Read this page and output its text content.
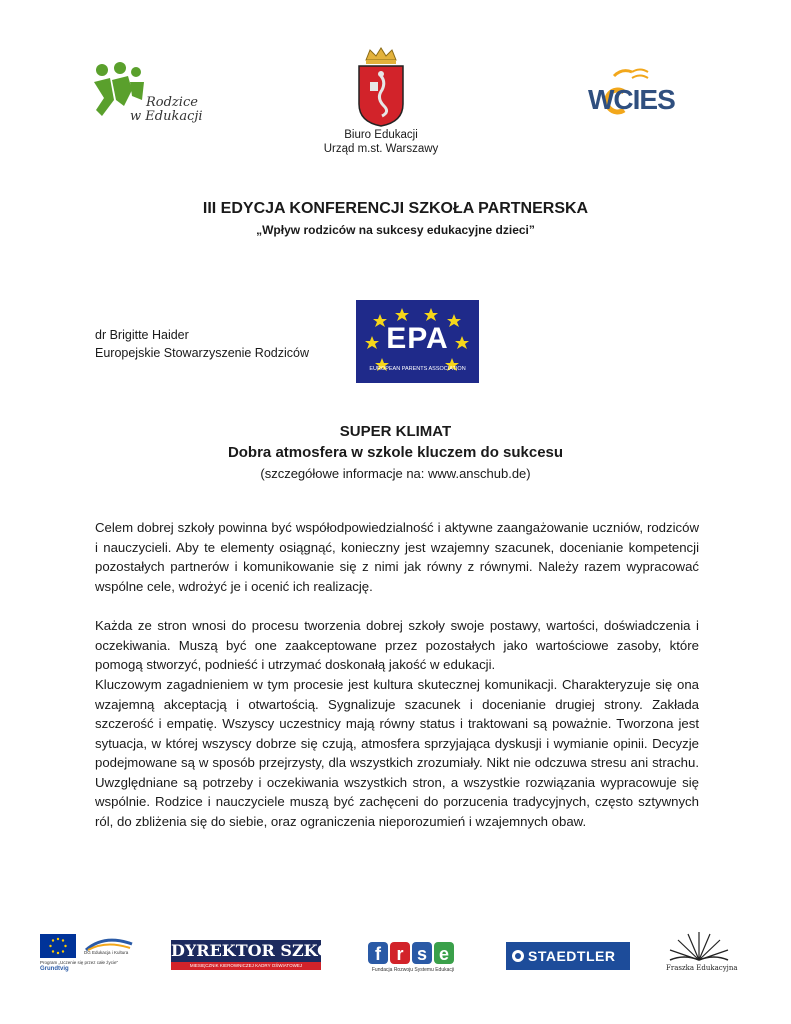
Rodzice
w Edukacji
Biuro Edukacji
Urząd m.st. Warszawy
WCIES
III EDYCJA KONFERENCJI SZKOŁA PARTNERSKA
„Wpływ rodziców na sukcesy edukacyjne dzieci”
dr Brigitte Haider
Europejskie Stowarzyszenie Rodziców	EPA
EUROPEAN PARENTS ASSOCIATION
SUPER KLIMAT
Dobra atmosfera w szkole kluczem do sukcesu
(szczegółowe informacje na: www.anschub.de)
Celem dobrej szkoły powinna być współodpowiedzialność i aktywne zaangażowanie uczniów, rodziców i nauczycieli. Aby te elementy osiągnąć, konieczny jest wzajemny szacunek, docenianie kompetencji pozostałych partnerów i komunikowanie się z nimi jak równy z równymi. Należy razem wypracować wspólne cele, wdrożyć je i ocenić ich realizację.
Każda ze stron wnosi do procesu tworzenia dobrej szkoły swoje postawy, wartości, doświadczenia i oczekiwania. Muszą być one zaakceptowane przez pozostałych jako wartościowe zasoby, które pomogą stworzyć, podnieść i utrzymać doskonałą jakość w edukacji.
Kluczowym zagadnieniem w tym procesie jest kultura skutecznej komunikacji. Charakteryzuje się ona wzajemną akceptacją i otwartością. Sygnalizuje szacunek i docenianie drugiej strony. Zakłada szczerość i empatię. Wszyscy uczestnicy mają równy status i traktowani są poważnie. Tworzona jest sytuacja, w której wszyscy dobrze się czują, atmosfera sprzyjająca dyskusji i wymianie opinii. Decyzje podejmowane są w sposób przejrzysty, dla wszystkich zrozumiały. Nikt nie odczuwa stresu ani strachu. Uwzględniane są potrzeby i oczekiwania wszystkich stron, a wszystkie rozwiązania wypracowuje się wspólnie. Rodzice i nauczyciele muszą być zachęceni do porzucenia tradycyjnych, często sztywnych ról, do zbliżenia się do siebie, oraz ograniczenia nieporozumień i wzajemnych obaw.
DG Edukacja i Kultura
Program „Uczenie się przez całe życie”
Grundtvig
DYREKTOR SZKOŁY
MIESIĘCZNIK KIEROWNICZEJ KADRY OŚWIATOWEJ
f r s e
Fundacja Rozwoju Systemu Edukacji
STAEDTLER
Fraszka Edukacyjna
